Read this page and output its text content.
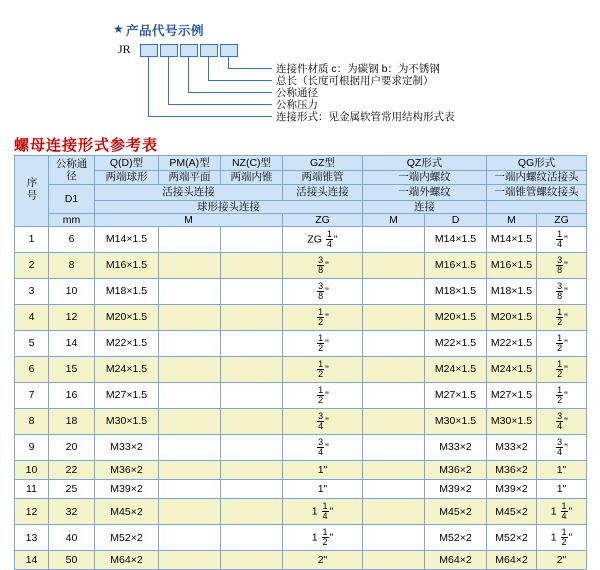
★ 产品代号示例
JR
连接件材质 c：为碳钢 b：为不锈钢
总长（长度可根据用户要求定制）
公称通径
公称压力
连接形式：见金属软管常用结构形式表
螺母连接形式参考表
序号	公称通径	Q(D)型	PM(A)型	NZ(C)型	GZ型	QZ形式		QG形式	
		两端球形	两端平面	两端内锥	两端锥管	一端内螺纹		一端内螺纹活接头	
	D1	活接头连接			活接头连接	一端外螺纹		一端锥管螺纹接头	
		球形接头连接				连接			
	mm	M			ZG	M	D	M	ZG
1	6	M14×1.5			ZG $\frac{1}{4}$ "		M14×1.5	M14×1.5	$\frac{1}{4}$ "
2	8	M16×1.5			$\frac{3}{8}$ "		M16×1.5	M16×1.5	$\frac{3}{8}$ "
3	10	M18×1.5			$\frac{3}{8}$ "		M18×1.5	M18×1.5	$\frac{3}{8}$ "
4	12	M20×1.5			$\frac{1}{2}$ "		M20×1.5	M20×1.5	$\frac{1}{2}$ "
5	14	M22×1.5			$\frac{1}{2}$ "		M22×1.5	M22×1.5	$\frac{1}{2}$ "
6	15	M24×1.5			$\frac{1}{2}$ "		M24×1.5	M24×1.5	$\frac{1}{2}$ "
7	16	M27×1.5			$\frac{1}{2}$ "		M27×1.5	M27×1.5	$\frac{1}{2}$ "
8	18	M30×1.5			$\frac{3}{4}$ "		M30×1.5	M30×1.5	$\frac{3}{4}$ "
9	20	M33×2			$\frac{3}{4}$ "		M33×2	M33×2	$\frac{3}{4}$ "
10	22	M36×2			1"		M36×2	M36×2	1"
11	25	M39×2			1"		M39×2	M39×2	1"
12	32	M45×2			$1 \frac{1}{4}$ "		M45×2	M45×2	$1 \frac{1}{4}$ "
13	40	M52×2			$1 \frac{1}{2}$ "		M52×2	M52×2	$1 \frac{1}{2}$ "
14	50	M64×2			2"		M64×2	M64×2	2"
